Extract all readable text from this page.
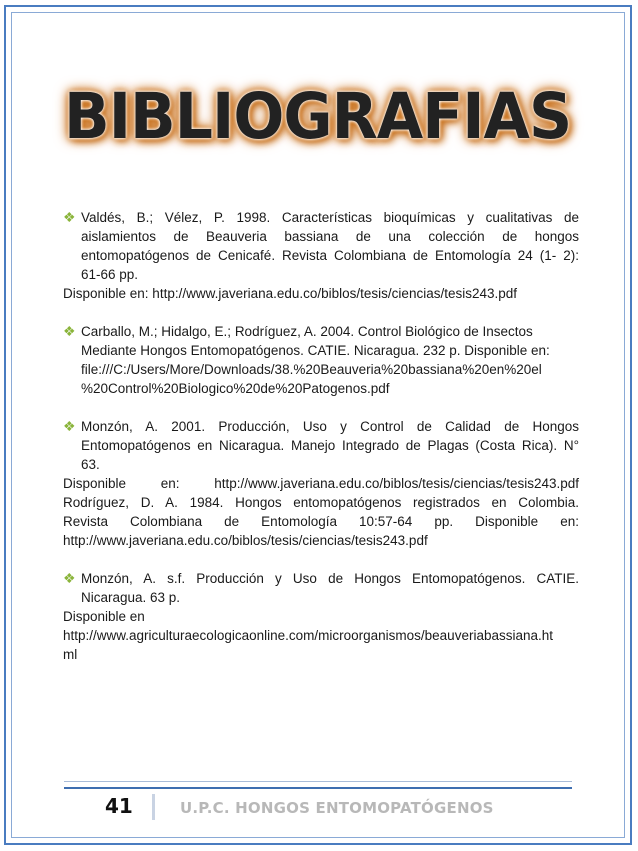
BIBLIOGRAFIAS
❖ Valdés, B.; Vélez, P. 1998. Características bioquímicas y cualitativas de
aislamientos de Beauveria bassiana de una colección de hongos
entomopatógenos de Cenicafé. Revista Colombiana de Entomología 24 (1- 2):
61-66 pp.
Disponible en: http://www.javeriana.edu.co/biblos/tesis/ciencias/tesis243.pdf
❖ Carballo, M.; Hidalgo, E.; Rodríguez, A. 2004. Control Biológico de Insectos
Mediante Hongos Entomopatógenos. CATIE. Nicaragua. 232 p. Disponible en:
file:///C:/Users/More/Downloads/38.%20Beauveria%20bassiana%20en%20el
%20Control%20Biologico%20de%20Patogenos.pdf
❖ Monzón, A. 2001. Producción, Uso y Control de Calidad de Hongos
Entomopatógenos en Nicaragua. Manejo Integrado de Plagas (Costa Rica). N°
63.
Disponible en: http://www.javeriana.edu.co/biblos/tesis/ciencias/tesis243.pdf
Rodríguez, D. A. 1984. Hongos entomopatógenos registrados en Colombia.
Revista Colombiana de Entomología 10:57-64 pp. Disponible en:
http://www.javeriana.edu.co/biblos/tesis/ciencias/tesis243.pdf
❖ Monzón, A. s.f. Producción y Uso de Hongos Entomopatógenos. CATIE.
Nicaragua. 63 p.
Disponible en
http://www.agriculturaecologicaonline.com/microorganismos/beauveriabassiana.ht
ml
41	U.P.C. HONGOS ENTOMOPATÓGENOS
